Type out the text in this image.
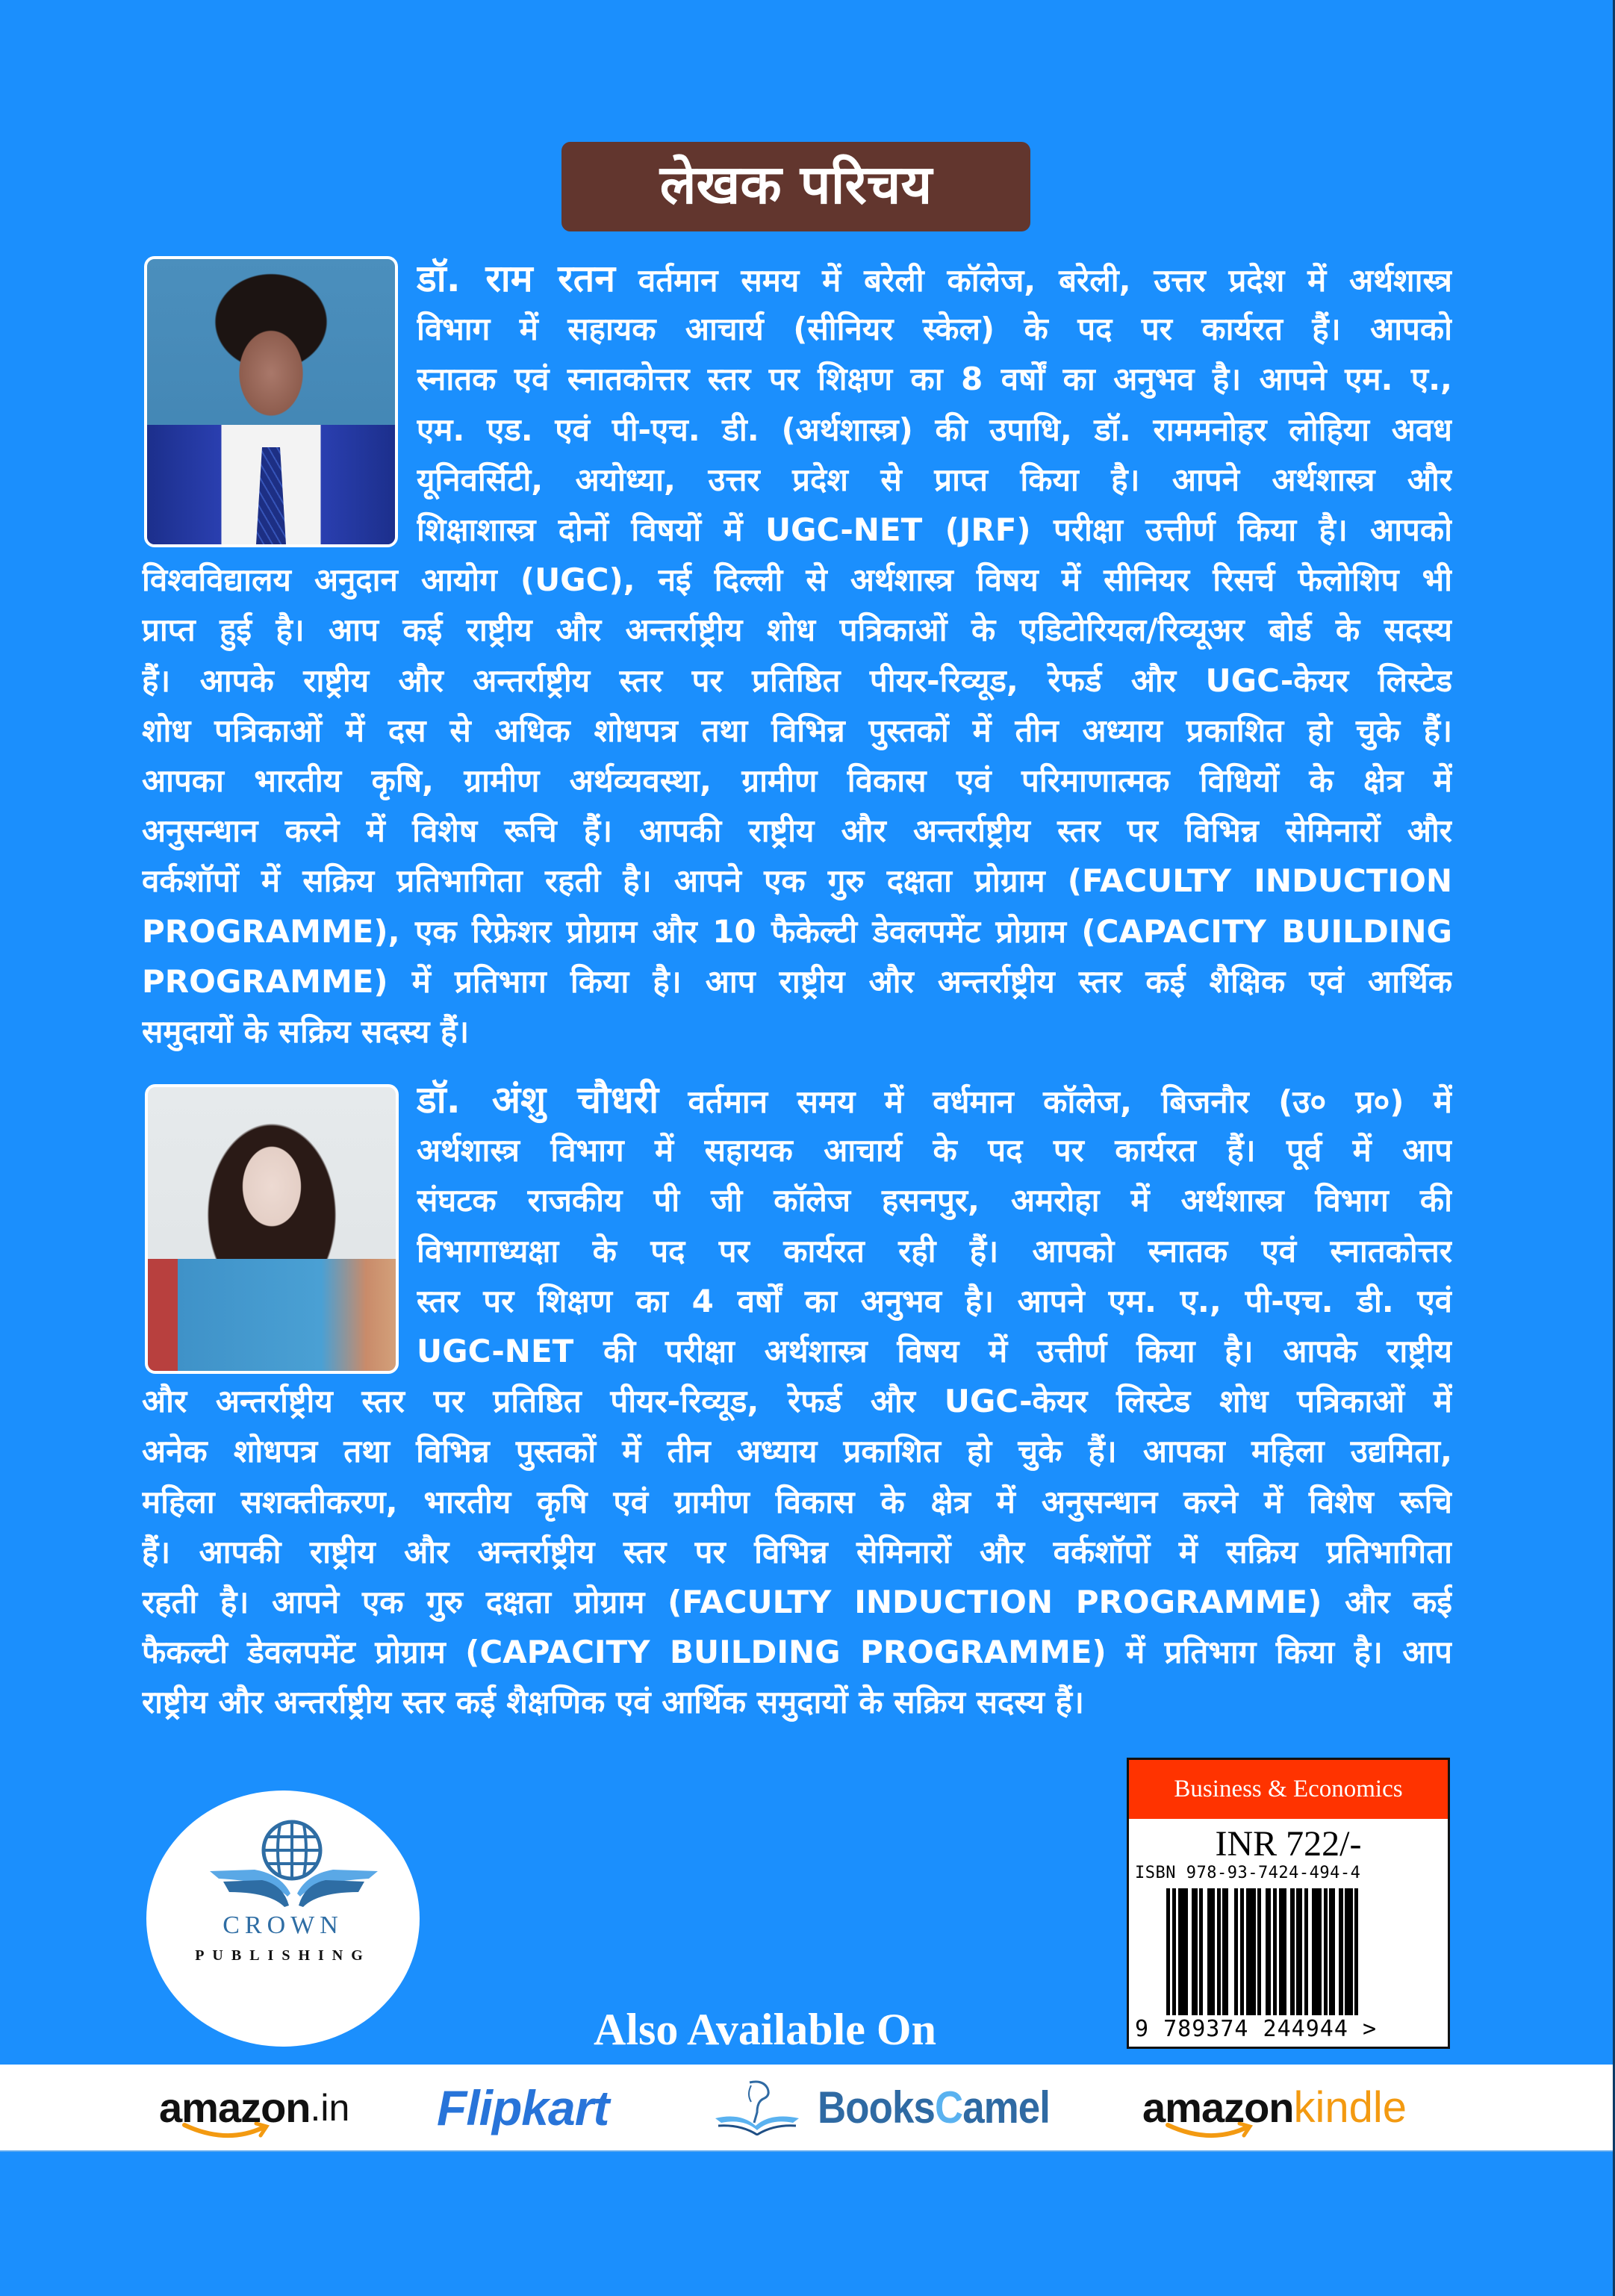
लेखक परिचय
डॉ. राम रतन वर्तमान समय में बरेली कॉलेज, बरेली, उत्तर प्रदेश में अर्थशास्त्र
विभाग में सहायक आचार्य (सीनियर स्केल) के पद पर कार्यरत हैं। आपको
स्नातक एवं स्नातकोत्तर स्तर पर शिक्षण का 8 वर्षों का अनुभव है। आपने एम. ए.,
एम. एड. एवं पी-एच. डी. (अर्थशास्त्र) की उपाधि, डॉ. राममनोहर लोहिया अवध
यूनिवर्सिटी, अयोध्या, उत्तर प्रदेश से प्राप्त किया है। आपने अर्थशास्त्र और
शिक्षाशास्त्र दोनों विषयों में UGC-NET (JRF) परीक्षा उत्तीर्ण किया है। आपको
विश्वविद्यालय अनुदान आयोग (UGC), नई दिल्ली से अर्थशास्त्र विषय में सीनियर रिसर्च फेलोशिप भी
प्राप्त हुई है। आप कई राष्ट्रीय और अन्तर्राष्ट्रीय शोध पत्रिकाओं के एडिटोरियल/रिव्यूअर बोर्ड के सदस्य
हैं। आपके राष्ट्रीय और अन्तर्राष्ट्रीय स्तर पर प्रतिष्ठित पीयर-रिव्यूड, रेफर्ड और UGC-केयर लिस्टेड
शोध पत्रिकाओं में दस से अधिक शोधपत्र तथा विभिन्न पुस्तकों में तीन अध्याय प्रकाशित हो चुके हैं।
आपका भारतीय कृषि, ग्रामीण अर्थव्यवस्था, ग्रामीण विकास एवं परिमाणात्मक विधियों के क्षेत्र में
अनुसन्धान करने में विशेष रूचि हैं। आपकी राष्ट्रीय और अन्तर्राष्ट्रीय स्तर पर विभिन्न सेमिनारों और
वर्कशॉपों में सक्रिय प्रतिभागिता रहती है। आपने एक गुरु दक्षता प्रोग्राम (FACULTY INDUCTION
PROGRAMME), एक रिफ्रेशर प्रोग्राम और 10 फैकेल्टी डेवलपमेंट प्रोग्राम (CAPACITY BUILDING
PROGRAMME) में प्रतिभाग किया है। आप राष्ट्रीय और अन्तर्राष्ट्रीय स्तर कई शैक्षिक एवं आर्थिक
समुदायों के सक्रिय सदस्य हैं।
डॉ. अंशु चौधरी वर्तमान समय में वर्धमान कॉलेज, बिजनौर (उ० प्र०) में
अर्थशास्त्र विभाग में सहायक आचार्य के पद पर कार्यरत हैं। पूर्व में आप
संघटक राजकीय पी जी कॉलेज हसनपुर, अमरोहा में अर्थशास्त्र विभाग की
विभागाध्यक्षा के पद पर कार्यरत रही हैं। आपको स्नातक एवं स्नातकोत्तर
स्तर पर शिक्षण का 4 वर्षों का अनुभव है। आपने एम. ए., पी-एच. डी. एवं
UGC-NET की परीक्षा अर्थशास्त्र विषय में उत्तीर्ण किया है। आपके राष्ट्रीय
और अन्तर्राष्ट्रीय स्तर पर प्रतिष्ठित पीयर-रिव्यूड, रेफर्ड और UGC-केयर लिस्टेड शोध पत्रिकाओं में
अनेक शोधपत्र तथा विभिन्न पुस्तकों में तीन अध्याय प्रकाशित हो चुके हैं। आपका महिला उद्यमिता,
महिला सशक्तीकरण, भारतीय कृषि एवं ग्रामीण विकास के क्षेत्र में अनुसन्धान करने में विशेष रूचि
हैं। आपकी राष्ट्रीय और अन्तर्राष्ट्रीय स्तर पर विभिन्न सेमिनारों और वर्कशॉपों में सक्रिय प्रतिभागिता
रहती है। आपने एक गुरु दक्षता प्रोग्राम (FACULTY INDUCTION PROGRAMME) और कई
फैकल्टी डेवलपमेंट प्रोग्राम (CAPACITY BUILDING PROGRAMME) में प्रतिभाग किया है। आप
राष्ट्रीय और अन्तर्राष्ट्रीय स्तर कई शैक्षणिक एवं आर्थिक समुदायों के सक्रिय सदस्य हैं।
Business & Economics
INR 722/-
ISBN 978-93-7424-494-4
9 789374 244944 >
CROWN
PUBLISHING
Also Available On
amazon .in Flipkart	BooksCamel amazon kindle
